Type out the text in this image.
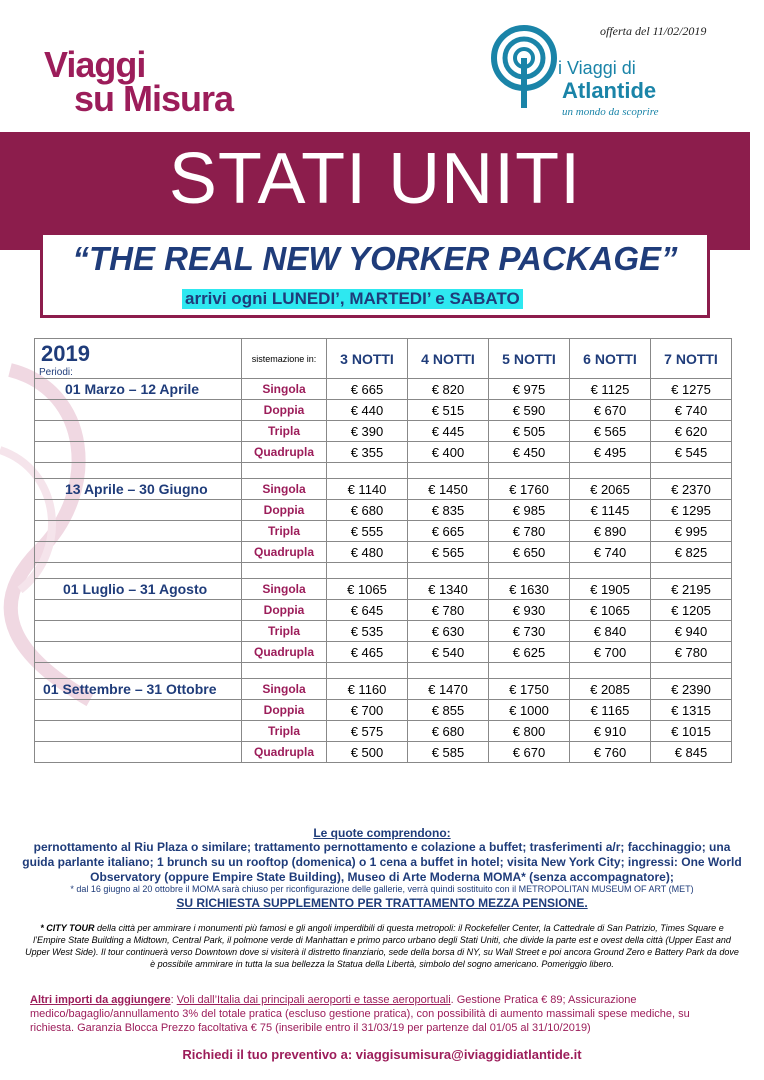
offerta del 11/02/2019
Viaggi
su Misura
i Viaggi di
Atlantide
un mondo da scoprire
STATI UNITI
“THE REAL NEW YORKER PACKAGE”
arrivi ogni LUNEDI’, MARTEDI’ e SABATO
2019
Periodi:	sistemazione in:	3 NOTTI	4 NOTTI	5 NOTTI	6 NOTTI	7 NOTTI
01 Marzo – 12 Aprile	Singola	€ 665	€ 820	€ 975	€ 1125	€ 1275
	Doppia	€ 440	€ 515	€ 590	€ 670	€ 740
	Tripla	€ 390	€ 445	€ 505	€ 565	€ 620
	Quadrupla	€ 355	€ 400	€ 450	€ 495	€ 545

13 Aprile – 30 Giugno	Singola	€ 1140	€ 1450	€ 1760	€ 2065	€ 2370
	Doppia	€ 680	€ 835	€ 985	€ 1145	€ 1295
	Tripla	€ 555	€ 665	€ 780	€ 890	€ 995
	Quadrupla	€ 480	€ 565	€ 650	€ 740	€ 825

01 Luglio – 31 Agosto	Singola	€ 1065	€ 1340	€ 1630	€ 1905	€ 2195
	Doppia	€ 645	€ 780	€ 930	€ 1065	€ 1205
	Tripla	€ 535	€ 630	€ 730	€ 840	€ 940
	Quadrupla	€ 465	€ 540	€ 625	€ 700	€ 780

01 Settembre – 31 Ottobre	Singola	€ 1160	€ 1470	€ 1750	€ 2085	€ 2390
	Doppia	€ 700	€ 855	€ 1000	€ 1165	€ 1315
	Tripla	€ 575	€ 680	€ 800	€ 910	€ 1015
	Quadrupla	€ 500	€ 585	€ 670	€ 760	€ 845
Le quote comprendono:
pernottamento al Riu Plaza o similare; trattamento pernottamento e colazione a buffet; trasferimenti a/r; facchinaggio; una guida parlante italiano; 1 brunch su un rooftop (domenica) o 1 cena a buffet in hotel; visita New York City; ingressi: One World Observatory (oppure Empire State Building), Museo di Arte Moderna MOMA* (senza accompagnatore);
* dal 16 giugno al 20 ottobre il MOMA sarà chiuso per riconfigurazione delle gallerie, verrà quindi sostituito con il METROPOLITAN MUSEUM OF ART (MET)
SU RICHIESTA SUPPLEMENTO PER TRATTAMENTO MEZZA PENSIONE.
* CITY TOUR della città per ammirare i monumenti più famosi e gli angoli imperdibili di questa metropoli: il Rockefeller Center, la Cattedrale di San Patrizio, Times Square e l’Empire State Building a Midtown, Central Park, il polmone verde di Manhattan e primo parco urbano degli Stati Uniti, che divide la parte est e ovest della città (Upper East and Upper West Side). Il tour continuerà verso Downtown dove si visiterà il distretto finanziario, sede della borsa di NY, su Wall Street e poi ancora Ground Zero e Battery Park da dove è possibile ammirare in tutta la sua bellezza la Statua della Libertà, simbolo del sogno americano. Pomeriggio libero.
Altri importi da aggiungere: Voli dall’Italia dai principali aeroporti e tasse aeroportuali. Gestione Pratica € 89; Assicurazione medico/bagaglio/annullamento 3% del totale pratica (escluso gestione pratica), con possibilità di aumento massimali spese mediche, su richiesta. Garanzia Blocca Prezzo facoltativa € 75 (inseribile entro il 31/03/19 per partenze dal 01/05 al 31/10/2019)
Richiedi il tuo preventivo a: viaggisumisura@iviaggidiatlantide.it
